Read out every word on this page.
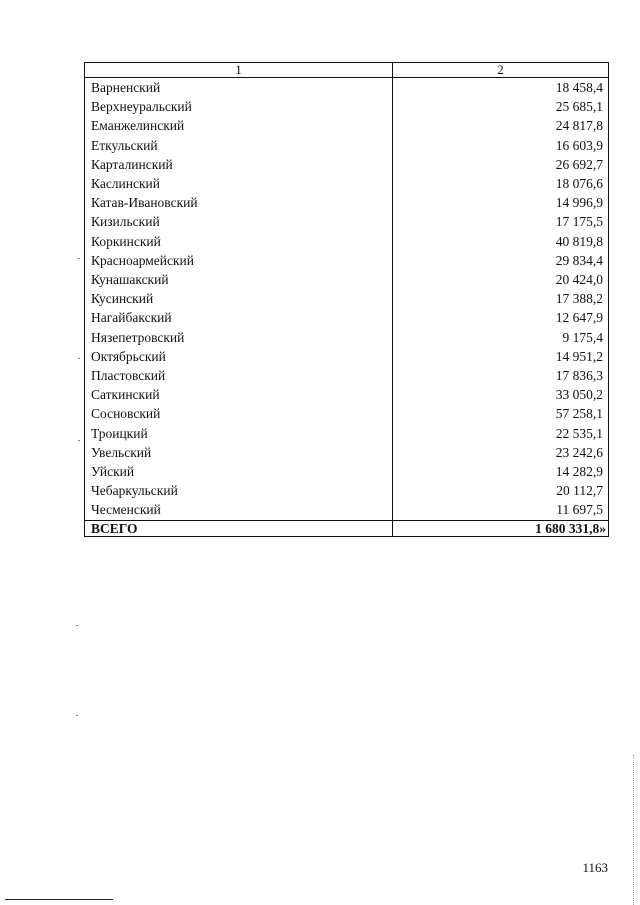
1	2
Варненский	18 458,4
Верхнеуральский	25 685,1
Еманжелинский	24 817,8
Еткульский	16 603,9
Карталинский	26 692,7
Каслинский	18 076,6
Катав-Ивановский	14 996,9
Кизильский	17 175,5
Коркинский	40 819,8
Красноармейский	29 834,4
Кунашакский	20 424,0
Кусинский	17 388,2
Нагайбакский	12 647,9
Нязепетровский	9 175,4
Октябрьский	14 951,2
Пластовский	17 836,3
Саткинский	33 050,2
Сосновский	57 258,1
Троицкий	22 535,1
Увельский	23 242,6
Уйский	14 282,9
Чебаркульский	20 112,7
Чесменский	11 697,5
ВСЕГО	1 680 331,8»
1163
